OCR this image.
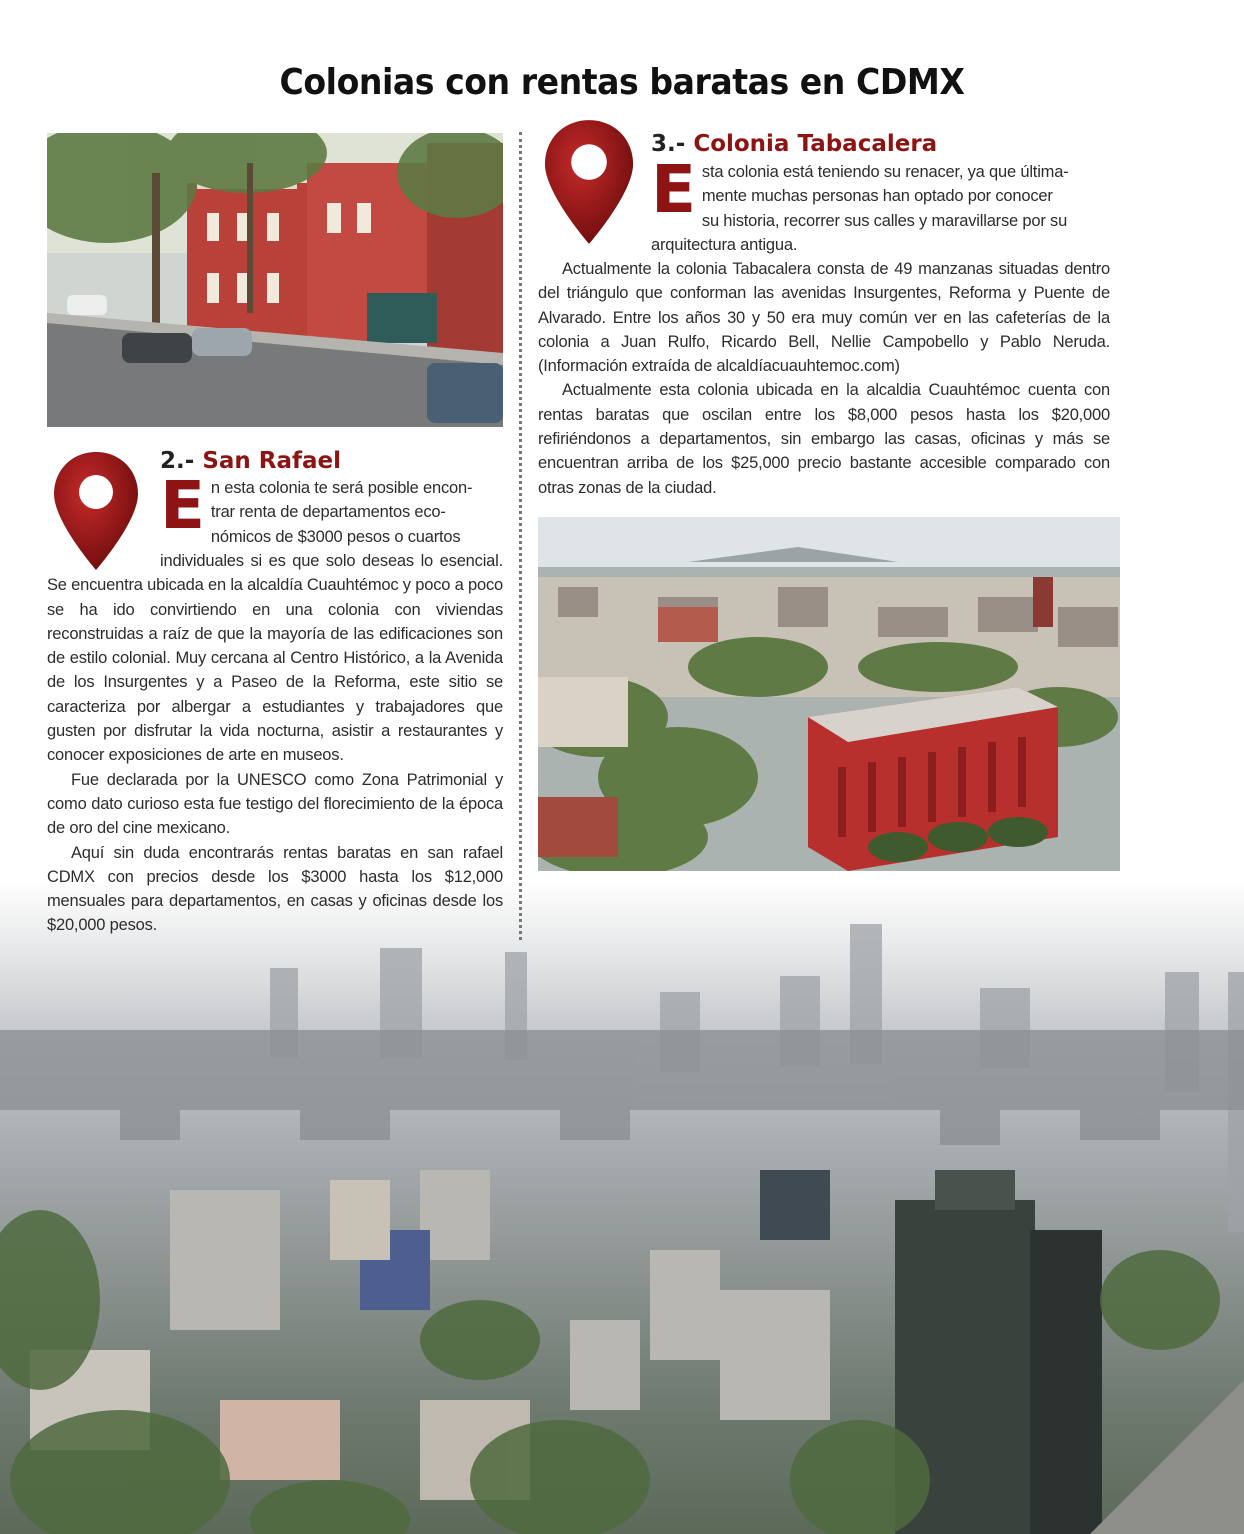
Colonias con rentas baratas en CDMX
2.- San Rafael
E n esta colonia te será posible encon-
trar renta de departamentos eco-
nómicos de $3000 pesos o cuartos

individuales si es que solo deseas lo esencial. Se encuentra ubicada en la alcaldía Cuauhtémoc y poco a poco se ha ido convirtiendo en una colonia con viviendas reconstruidas a raíz de que la mayoría de las edificaciones son de estilo colonial. Muy cercana al Centro Histórico, a la Avenida de los Insurgentes y a Paseo de la Reforma, este sitio se caracteriza por albergar a estudiantes y trabajadores que gusten por disfrutar la vida nocturna, asistir a restaurantes y conocer exposiciones de arte en museos.

Fue declarada por la UNESCO como Zona Patrimonial y como dato curioso esta fue testigo del florecimiento de la época de oro del cine mexicano.

Aquí sin duda encontrarás rentas baratas en san rafael CDMX con precios desde los $3000 hasta los $12,000 mensuales para departamentos, en casas y oficinas desde los $20,000 pesos.

3.- Colonia Tabacalera
E sta colonia está teniendo su renacer, ya que última-
mente muchas personas han optado por conocer
su historia, recorrer sus calles y maravillarse por su

arquitectura antigua.

Actualmente la colonia Tabacalera consta de 49 manzanas situadas dentro del triángulo que conforman las avenidas Insurgentes, Reforma y Puente de Alvarado. Entre los años 30 y 50 era muy común ver en las cafeterías de la colonia a Juan Rulfo, Ricardo Bell, Nellie Campobello y Pablo Neruda. (Información extraída de alcaldíacuauhtemoc.com)

Actualmente esta colonia ubicada en la alcaldia Cuauhtémoc cuenta con rentas baratas que oscilan entre los $8,000 pesos hasta los $20,000 refiriéndonos a departamentos, sin embargo las casas, oficinas y más se encuentran arriba de los $25,000 precio bastante accesible comparado con otras zonas de la ciudad.
